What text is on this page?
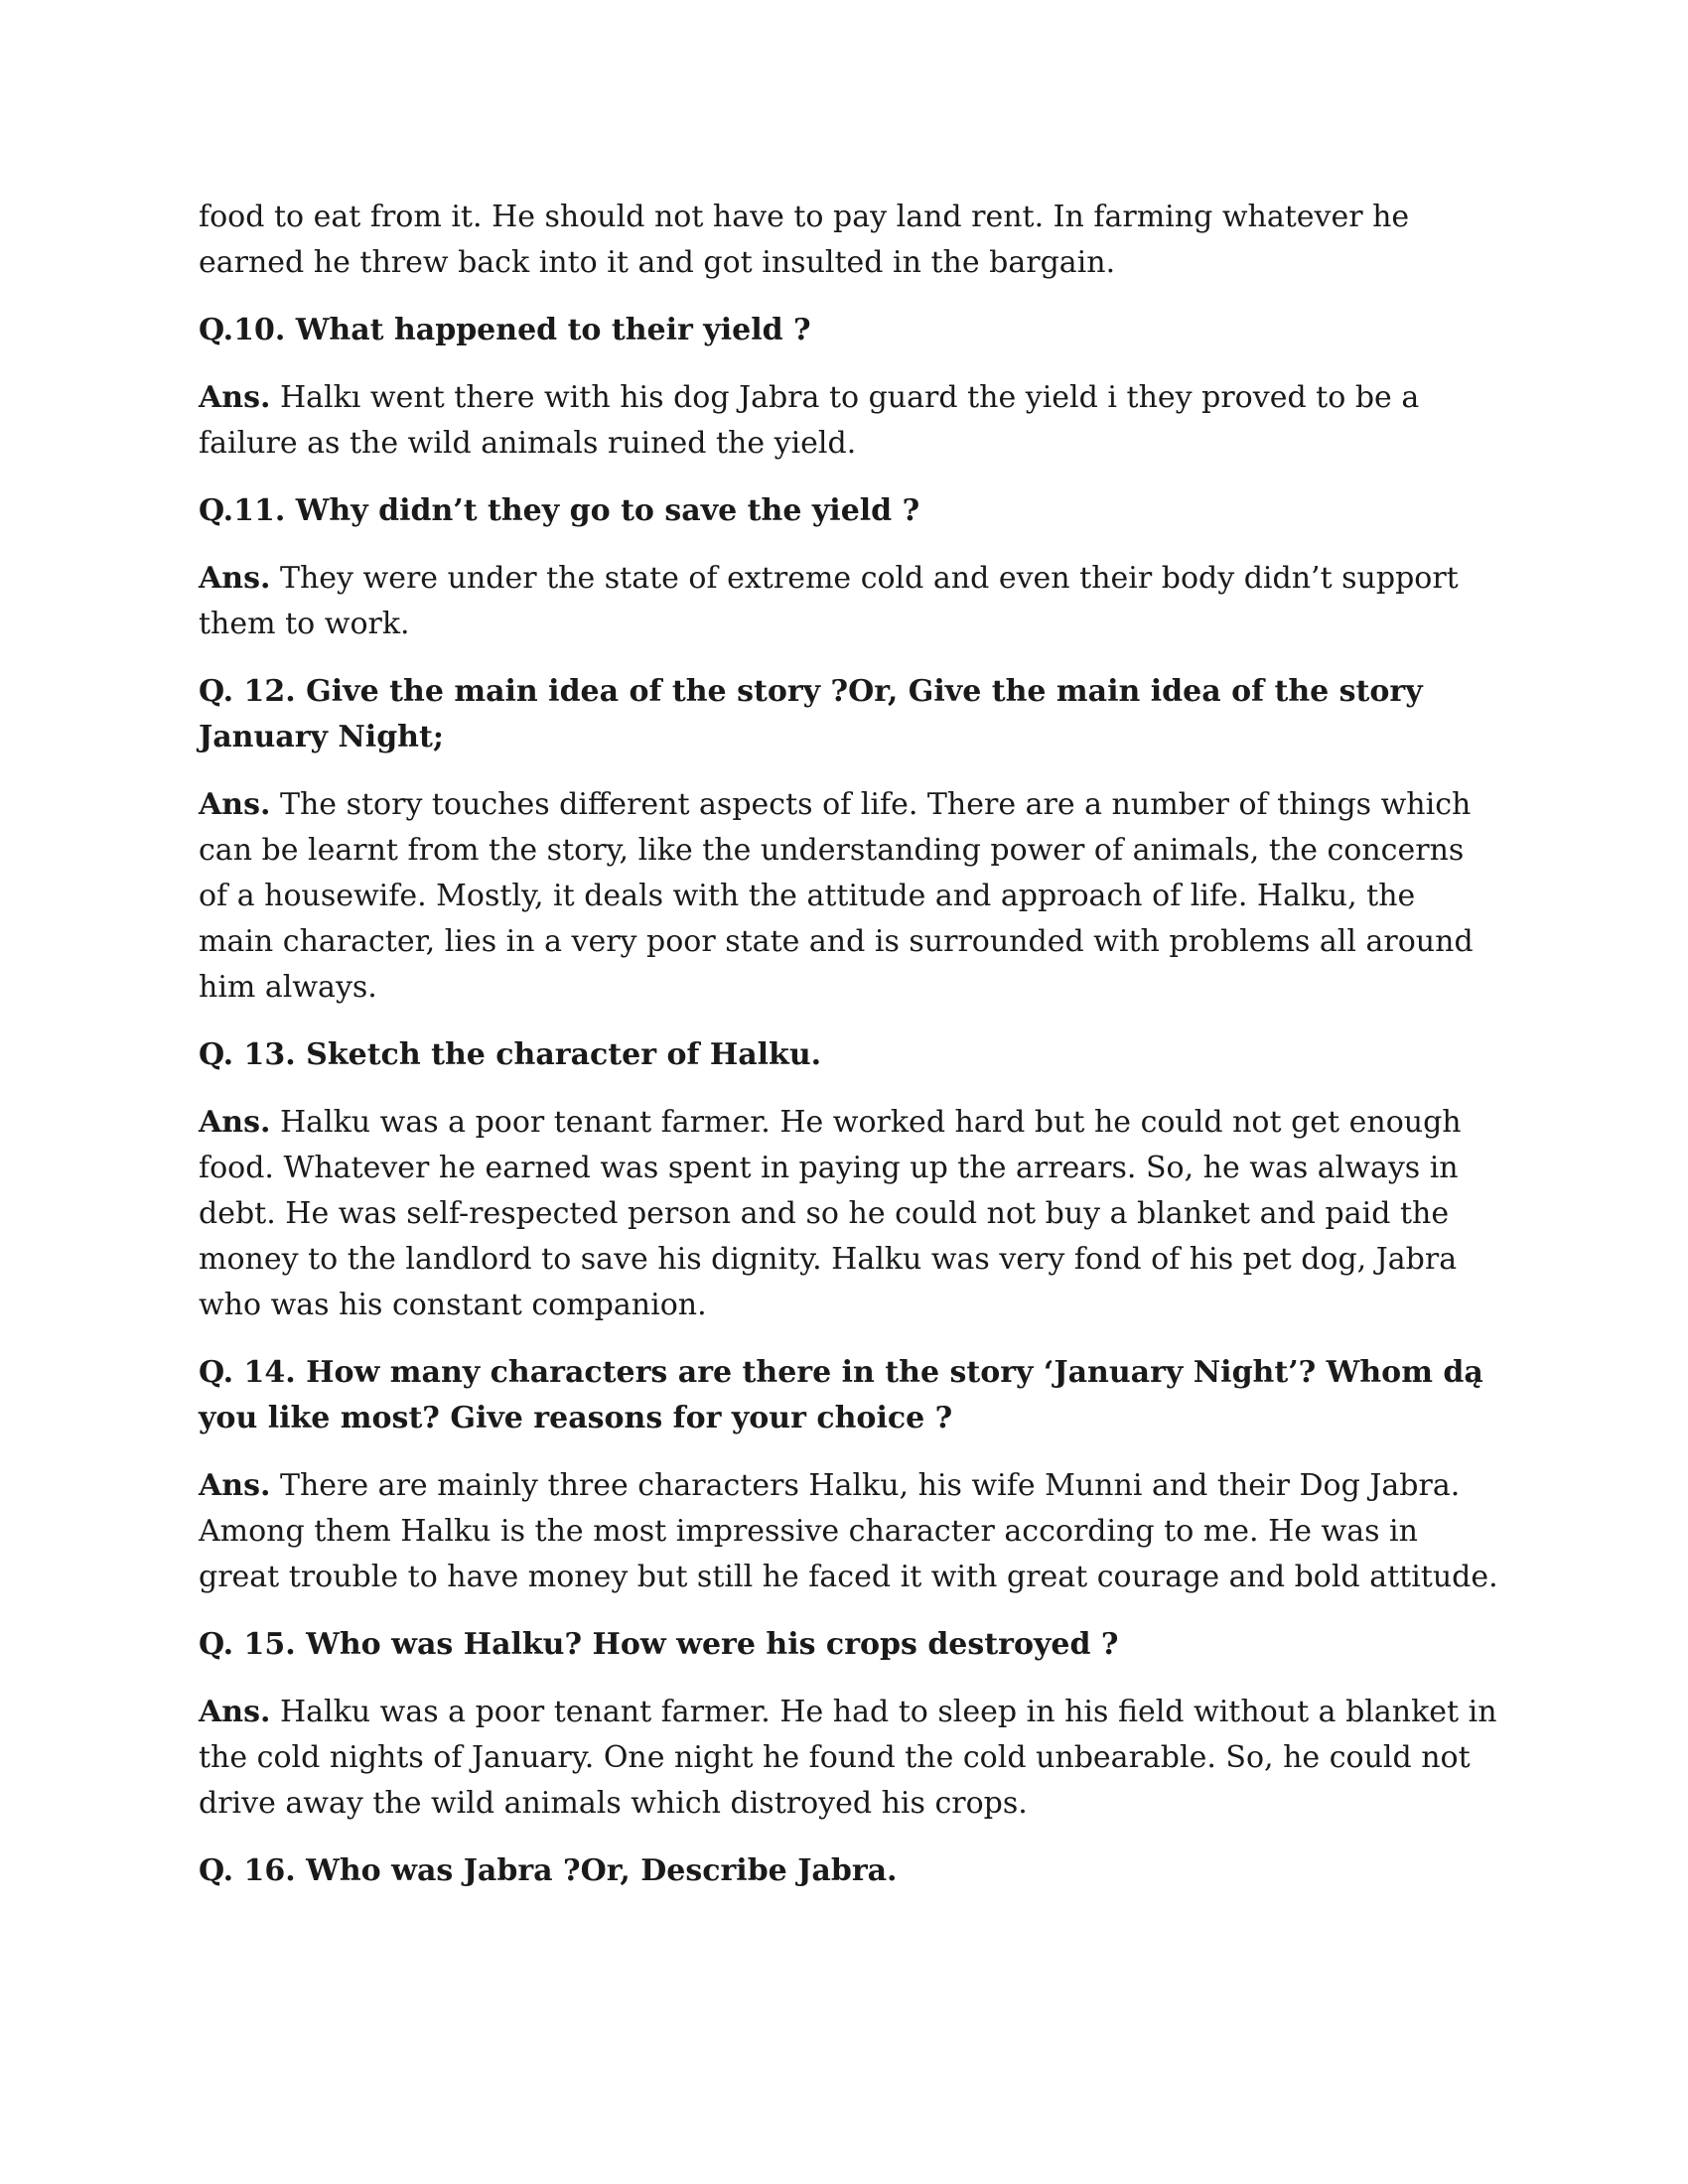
food to eat from it. He should not have to pay land rent. In farming whatever he earned he threw back into it and got insulted in the bargain.

Q.10. What happened to their yield ?

Ans. Halkı went there with his dog Jabra to guard the yield i they proved to be a failure as the wild animals ruined the yield.

Q.11. Why didn’t they go to save the yield ?

Ans. They were under the state of extreme cold and even their body didn’t support them to work.

Q. 12. Give the main idea of the story ?Or, Give the main idea of the story January Night;

Ans. The story touches different aspects of life. There are a number of things which can be learnt from the story, like the understanding power of animals, the concerns of a housewife. Mostly, it deals with the attitude and approach of life. Halku, the main character, lies in a very poor state and is surrounded with problems all around him always.

Q. 13. Sketch the character of Halku.

Ans. Halku was a poor tenant farmer. He worked hard but he could not get enough food. Whatever he earned was spent in paying up the arrears. So, he was always in debt. He was self-respected person and so he could not buy a blanket and paid the money to the landlord to save his dignity. Halku was very fond of his pet dog, Jabra who was his constant companion.

Q. 14. How many characters are there in the story ‘January Night’? Whom dą you like most? Give reasons for your choice ?

Ans. There are mainly three characters Halku, his wife Munni and their Dog Jabra. Among them Halku is the most impressive character according to me. He was in great trouble to have money but still he faced it with great courage and bold attitude.

Q. 15. Who was Halku? How were his crops destroyed ?

Ans. Halku was a poor tenant farmer. He had to sleep in his field without a blanket in the cold nights of January. One night he found the cold unbearable. So, he could not drive away the wild animals which distroyed his crops.

Q. 16. Who was Jabra ?Or, Describe Jabra.
